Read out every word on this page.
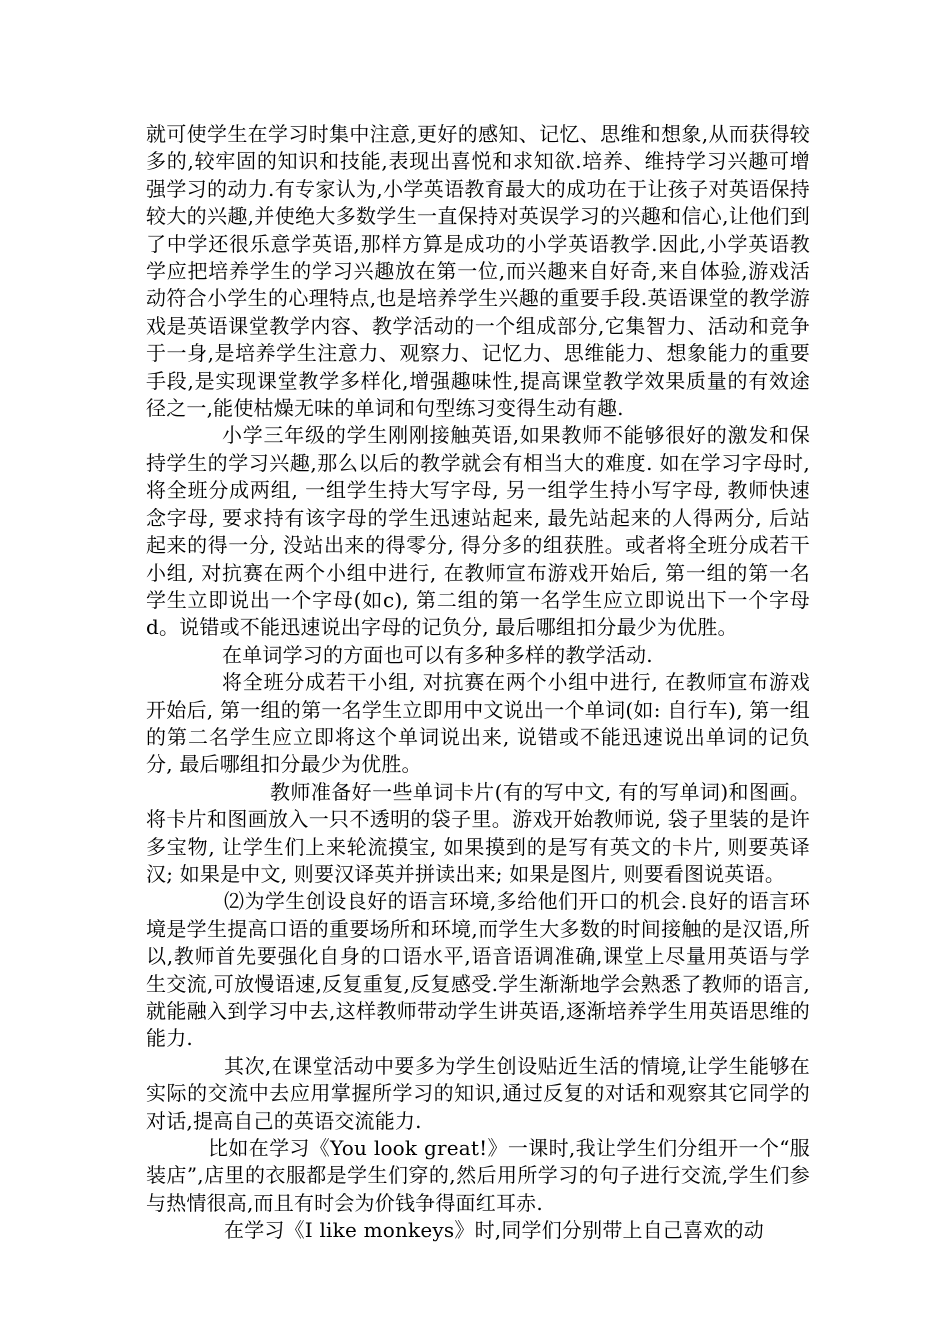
就可使学生在学习时集中注意,更好的感知、记忆、思维和想象,从而获得较多的,较牢固的知识和技能,表现出喜悦和求知欲.培养、维持学习兴趣可增强学习的动力.有专家认为,小学英语教育最大的成功在于让孩子对英语保持较大的兴趣,并使绝大多数学生一直保持对英误学习的兴趣和信心,让他们到了中学还很乐意学英语,那样方算是成功的小学英语教学.因此,小学英语教学应把培养学生的学习兴趣放在第一位,而兴趣来自好奇,来自体验,游戏活动符合小学生的心理特点,也是培养学生兴趣的重要手段.英语课堂的教学游戏是英语课堂教学内容、教学活动的一个组成部分,它集智力、活动和竞争于一身,是培养学生注意力、观察力、记忆力、思维能力、想象能力的重要手段,是实现课堂教学多样化,增强趣味性,提高课堂教学效果质量的有效途径之一,能使枯燥无味的单词和句型练习变得生动有趣.

小学三年级的学生刚刚接触英语,如果教师不能够很好的激发和保持学生的学习兴趣,那么以后的教学就会有相当大的难度. 如在学习字母时,将全班分成两组, 一组学生持大写字母, 另一组学生持小写字母, 教师快速念字母, 要求持有该字母的学生迅速站起来, 最先站起来的人得两分, 后站起来的得一分, 没站出来的得零分, 得分多的组获胜。或者将全班分成若干小组, 对抗赛在两个小组中进行, 在教师宣布游戏开始后, 第一组的第一名学生立即说出一个字母(如c), 第二组的第一名学生应立即说出下一个字母d。说错或不能迅速说出字母的记负分, 最后哪组扣分最少为优胜。

在单词学习的方面也可以有多种多样的教学活动.

将全班分成若干小组, 对抗赛在两个小组中进行, 在教师宣布游戏开始后, 第一组的第一名学生立即用中文说出一个单词(如: 自行车), 第一组的第二名学生应立即将这个单词说出来, 说错或不能迅速说出单词的记负分, 最后哪组扣分最少为优胜。

教师准备好一些单词卡片(有的写中文, 有的写单词)和图画。将卡片和图画放入一只不透明的袋子里。游戏开始教师说, 袋子里装的是许多宝物, 让学生们上来轮流摸宝, 如果摸到的是写有英文的卡片, 则要英译汉; 如果是中文, 则要汉译英并拼读出来; 如果是图片, 则要看图说英语。

⑵为学生创设良好的语言环境,多给他们开口的机会.良好的语言环境是学生提高口语的重要场所和环境,而学生大多数的时间接触的是汉语,所以,教师首先要强化自身的口语水平,语音语调准确,课堂上尽量用英语与学生交流,可放慢语速,反复重复,反复感受.学生渐渐地学会熟悉了教师的语言,就能融入到学习中去,这样教师带动学生讲英语,逐渐培养学生用英语思维的能力.

其次,在课堂活动中要多为学生创设贴近生活的情境,让学生能够在实际的交流中去应用掌握所学习的知识,通过反复的对话和观察其它同学的对话,提高自己的英语交流能力.

比如在学习《You look great!》一课时,我让学生们分组开一个“服装店”,店里的衣服都是学生们穿的,然后用所学习的句子进行交流,学生们参与热情很高,而且有时会为价钱争得面红耳赤.

在学习《I like monkeys》时,同学们分别带上自己喜欢的动
